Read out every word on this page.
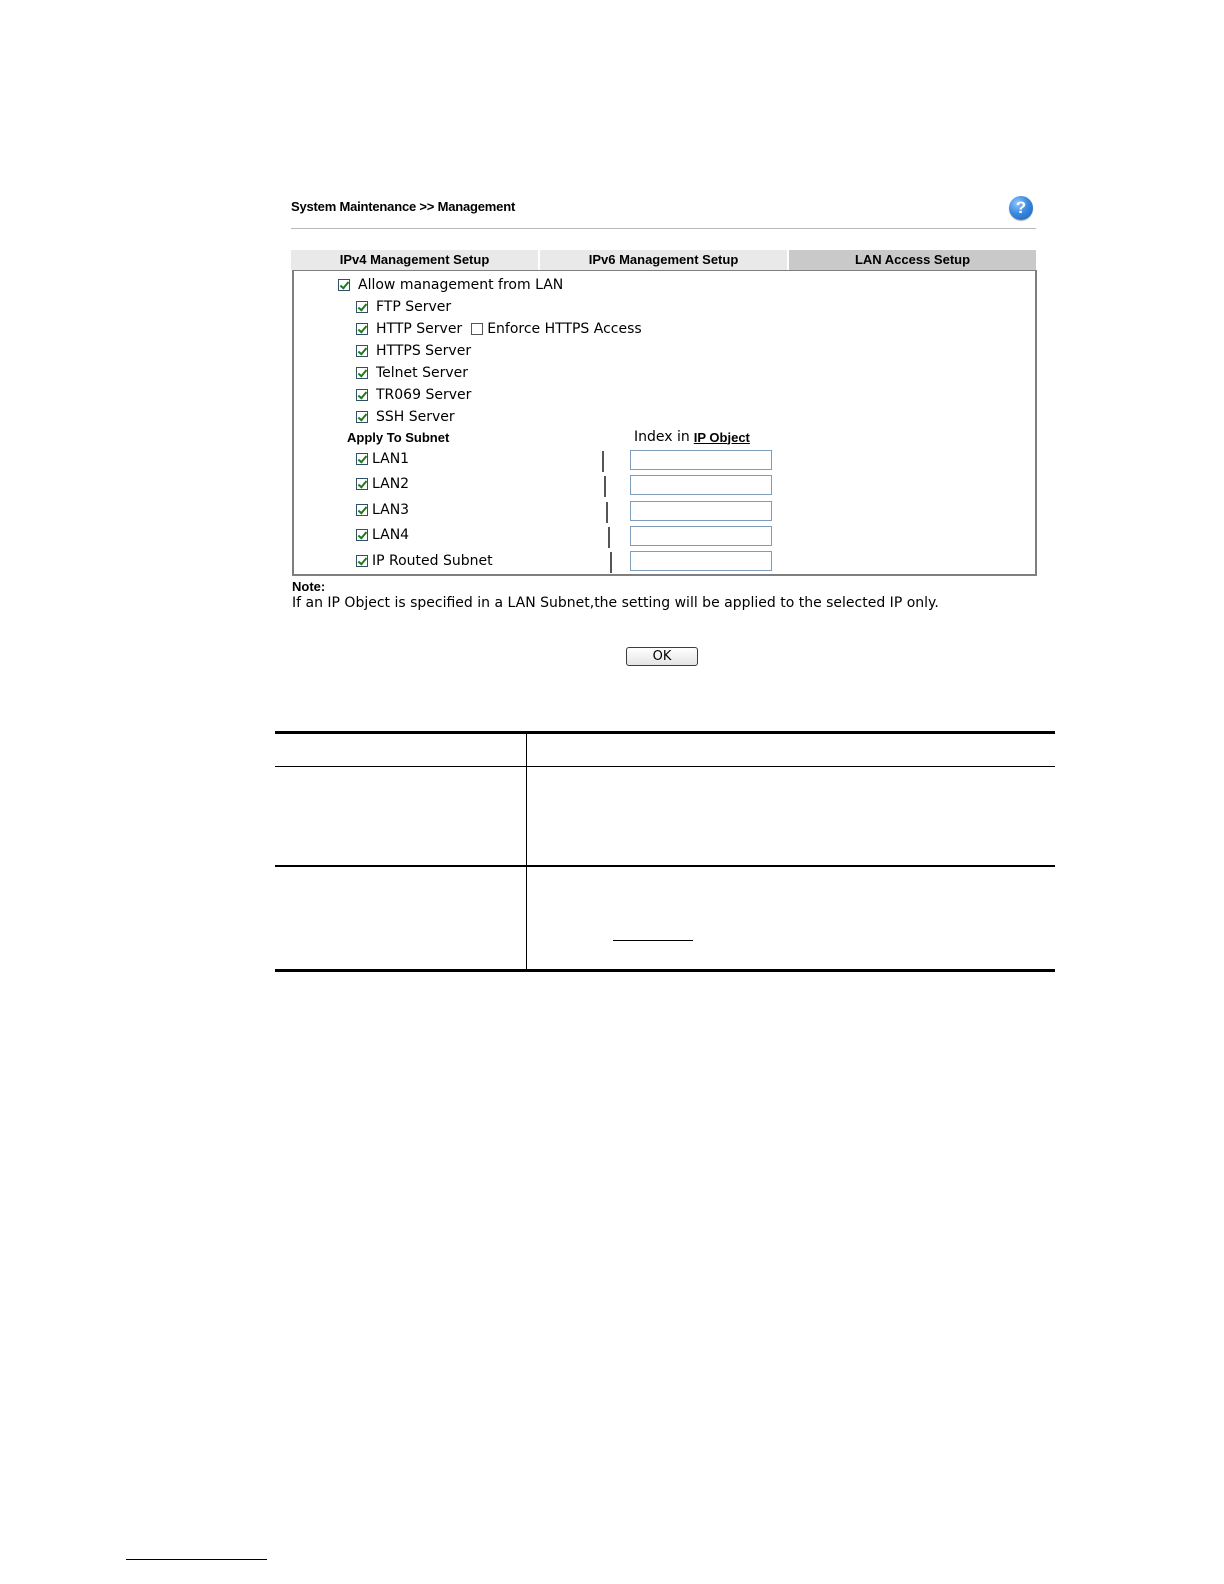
System Maintenance >> Management	?
IPv4 Management Setup	IPv6 Management Setup	LAN Access Setup
Allow management from LAN
FTP Server
HTTP Server Enforce HTTPS Access
HTTPS Server
Telnet Server
TR069 Server
SSH Server
Apply To Subnet	Index in IP Object
LAN1
LAN2
LAN3
LAN4
IP Routed Subnet
Note:
If an IP Object is specified in a LAN Subnet,the setting will be applied to the selected IP only.
OK
